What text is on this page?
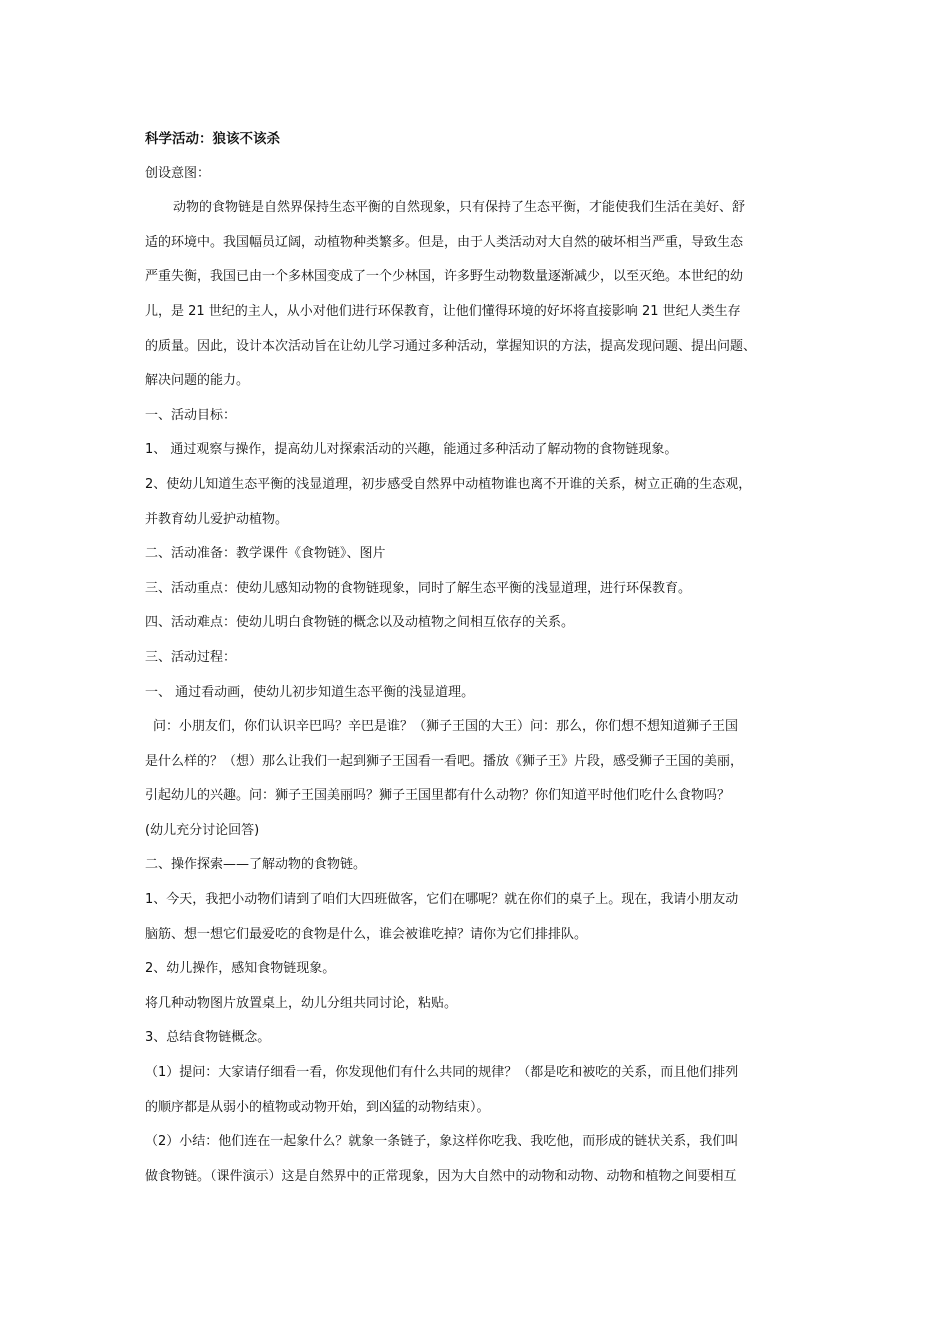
科学活动：狼该不该杀
创设意图：
动物的食物链是自然界保持生态平衡的自然现象，只有保持了生态平衡，才能使我们生活在美好、舒
适的环境中。我国幅员辽阔，动植物种类繁多。但是，由于人类活动对大自然的破坏相当严重，导致生态
严重失衡，我国已由一个多林国变成了一个少林国，许多野生动物数量逐渐减少，以至灭绝。本世纪的幼
儿，是 21 世纪的主人，从小对他们进行环保教育，让他们懂得环境的好坏将直接影响 21 世纪人类生存
的质量。因此，设计本次活动旨在让幼儿学习通过多种活动，掌握知识的方法，提高发现问题、提出问题、
解决问题的能力。
一、活动目标：
1、 通过观察与操作，提高幼儿对探索活动的兴趣，能通过多种活动了解动物的食物链现象。
2、使幼儿知道生态平衡的浅显道理，初步感受自然界中动植物谁也离不开谁的关系，树立正确的生态观，
并教育幼儿爱护动植物。
二、活动准备：教学课件《食物链》、图片
三、活动重点：使幼儿感知动物的食物链现象，同时了解生态平衡的浅显道理，进行环保教育。
四、活动难点：使幼儿明白食物链的概念以及动植物之间相互依存的关系。
三、活动过程：
一、 通过看动画，使幼儿初步知道生态平衡的浅显道理。
问：小朋友们，你们认识辛巴吗？辛巴是谁？（狮子王国的大王）问：那么，你们想不想知道狮子王国
是什么样的？（想）那么让我们一起到狮子王国看一看吧。播放《狮子王》片段，感受狮子王国的美丽，
引起幼儿的兴趣。问：狮子王国美丽吗？狮子王国里都有什么动物？你们知道平时他们吃什么食物吗？
(幼儿充分讨论回答)
二、操作探索——了解动物的食物链。
1、今天，我把小动物们请到了咱们大四班做客，它们在哪呢？就在你们的桌子上。现在，我请小朋友动
脑筋、想一想它们最爱吃的食物是什么，谁会被谁吃掉？请你为它们排排队。
2、幼儿操作，感知食物链现象。
将几种动物图片放置桌上，幼儿分组共同讨论，粘贴。
3、总结食物链概念。
（1）提问：大家请仔细看一看，你发现他们有什么共同的规律？（都是吃和被吃的关系，而且他们排列
的顺序都是从弱小的植物或动物开始，到凶猛的动物结束）。
（2）小结：他们连在一起象什么？就象一条链子，象这样你吃我、我吃他，而形成的链状关系，我们叫
做食物链。（课件演示）这是自然界中的正常现象，因为大自然中的动物和动物、动物和植物之间要相互
